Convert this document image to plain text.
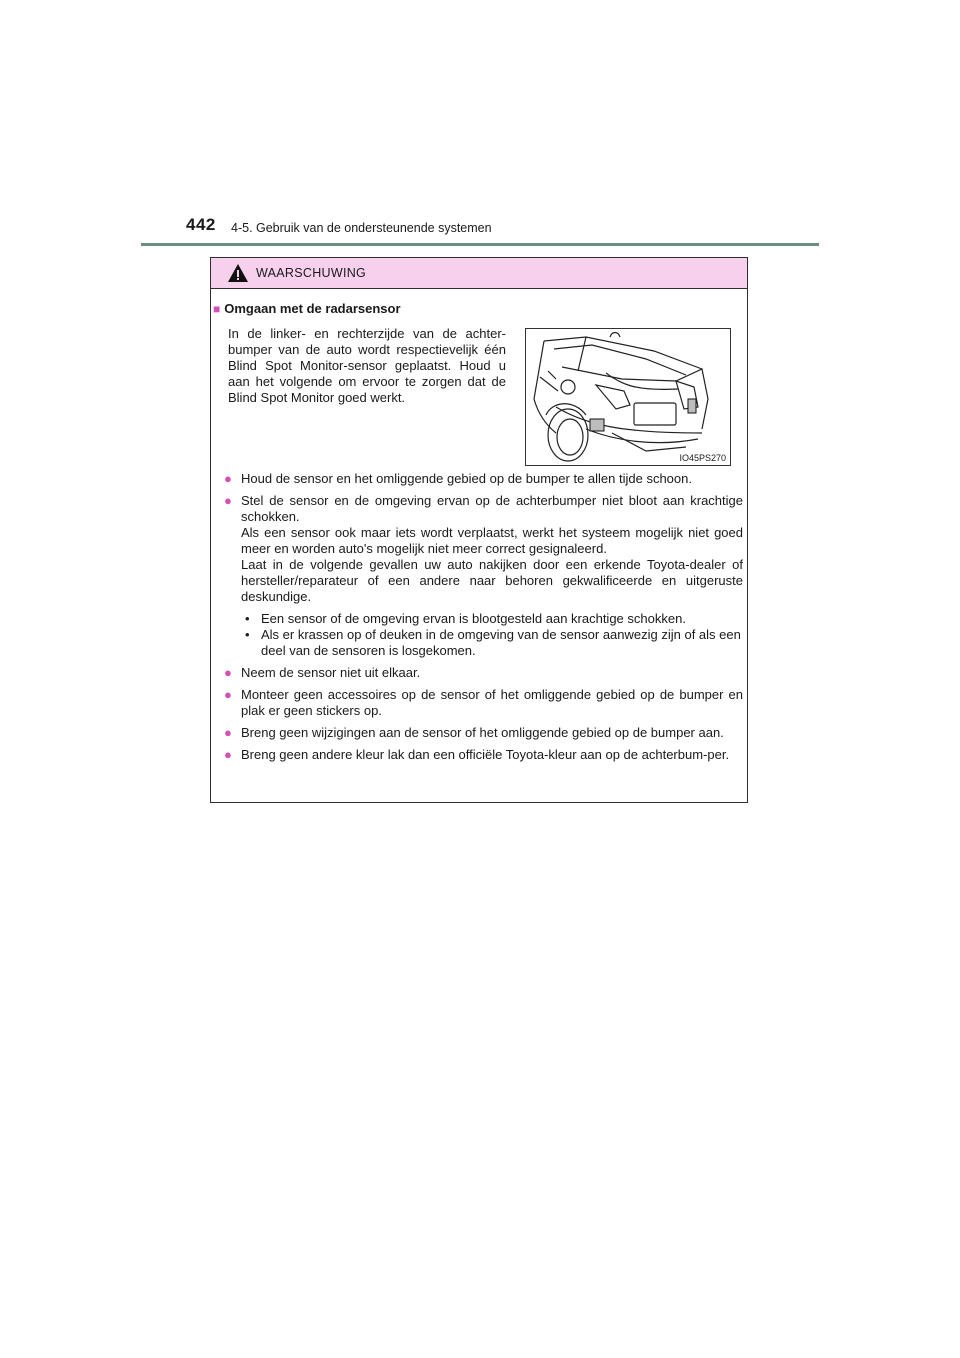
442 4-5. Gebruik van de ondersteunende systemen
WAARSCHUWING
■ Omgaan met de radarsensor
In de linker- en rechterzijde van de achter-bumper van de auto wordt respectievelijk één Blind Spot Monitor-sensor geplaatst. Houd u aan het volgende om ervoor te zorgen dat de Blind Spot Monitor goed werkt.
IO45PS270
● Houd de sensor en het omliggende gebied op de bumper te allen tijde schoon.

● Stel de sensor en de omgeving ervan op de achterbumper niet bloot aan krachtige schokken.

Als een sensor ook maar iets wordt verplaatst, werkt het systeem mogelijk niet goed meer en worden auto's mogelijk niet meer correct gesignaleerd.

Laat in de volgende gevallen uw auto nakijken door een erkende Toyota-dealer of hersteller/reparateur of een andere naar behoren gekwalificeerde en uitgeruste deskundige.

• Een sensor of de omgeving ervan is blootgesteld aan krachtige schokken.
• Als er krassen op of deuken in de omgeving van de sensor aanwezig zijn of als een deel van de sensoren is losgekomen.
● Neem de sensor niet uit elkaar.

● Monteer geen accessoires op de sensor of het omliggende gebied op de bumper en plak er geen stickers op.

● Breng geen wijzigingen aan de sensor of het omliggende gebied op de bumper aan.

● Breng geen andere kleur lak dan een officiële Toyota-kleur aan op de achterbum-per.
